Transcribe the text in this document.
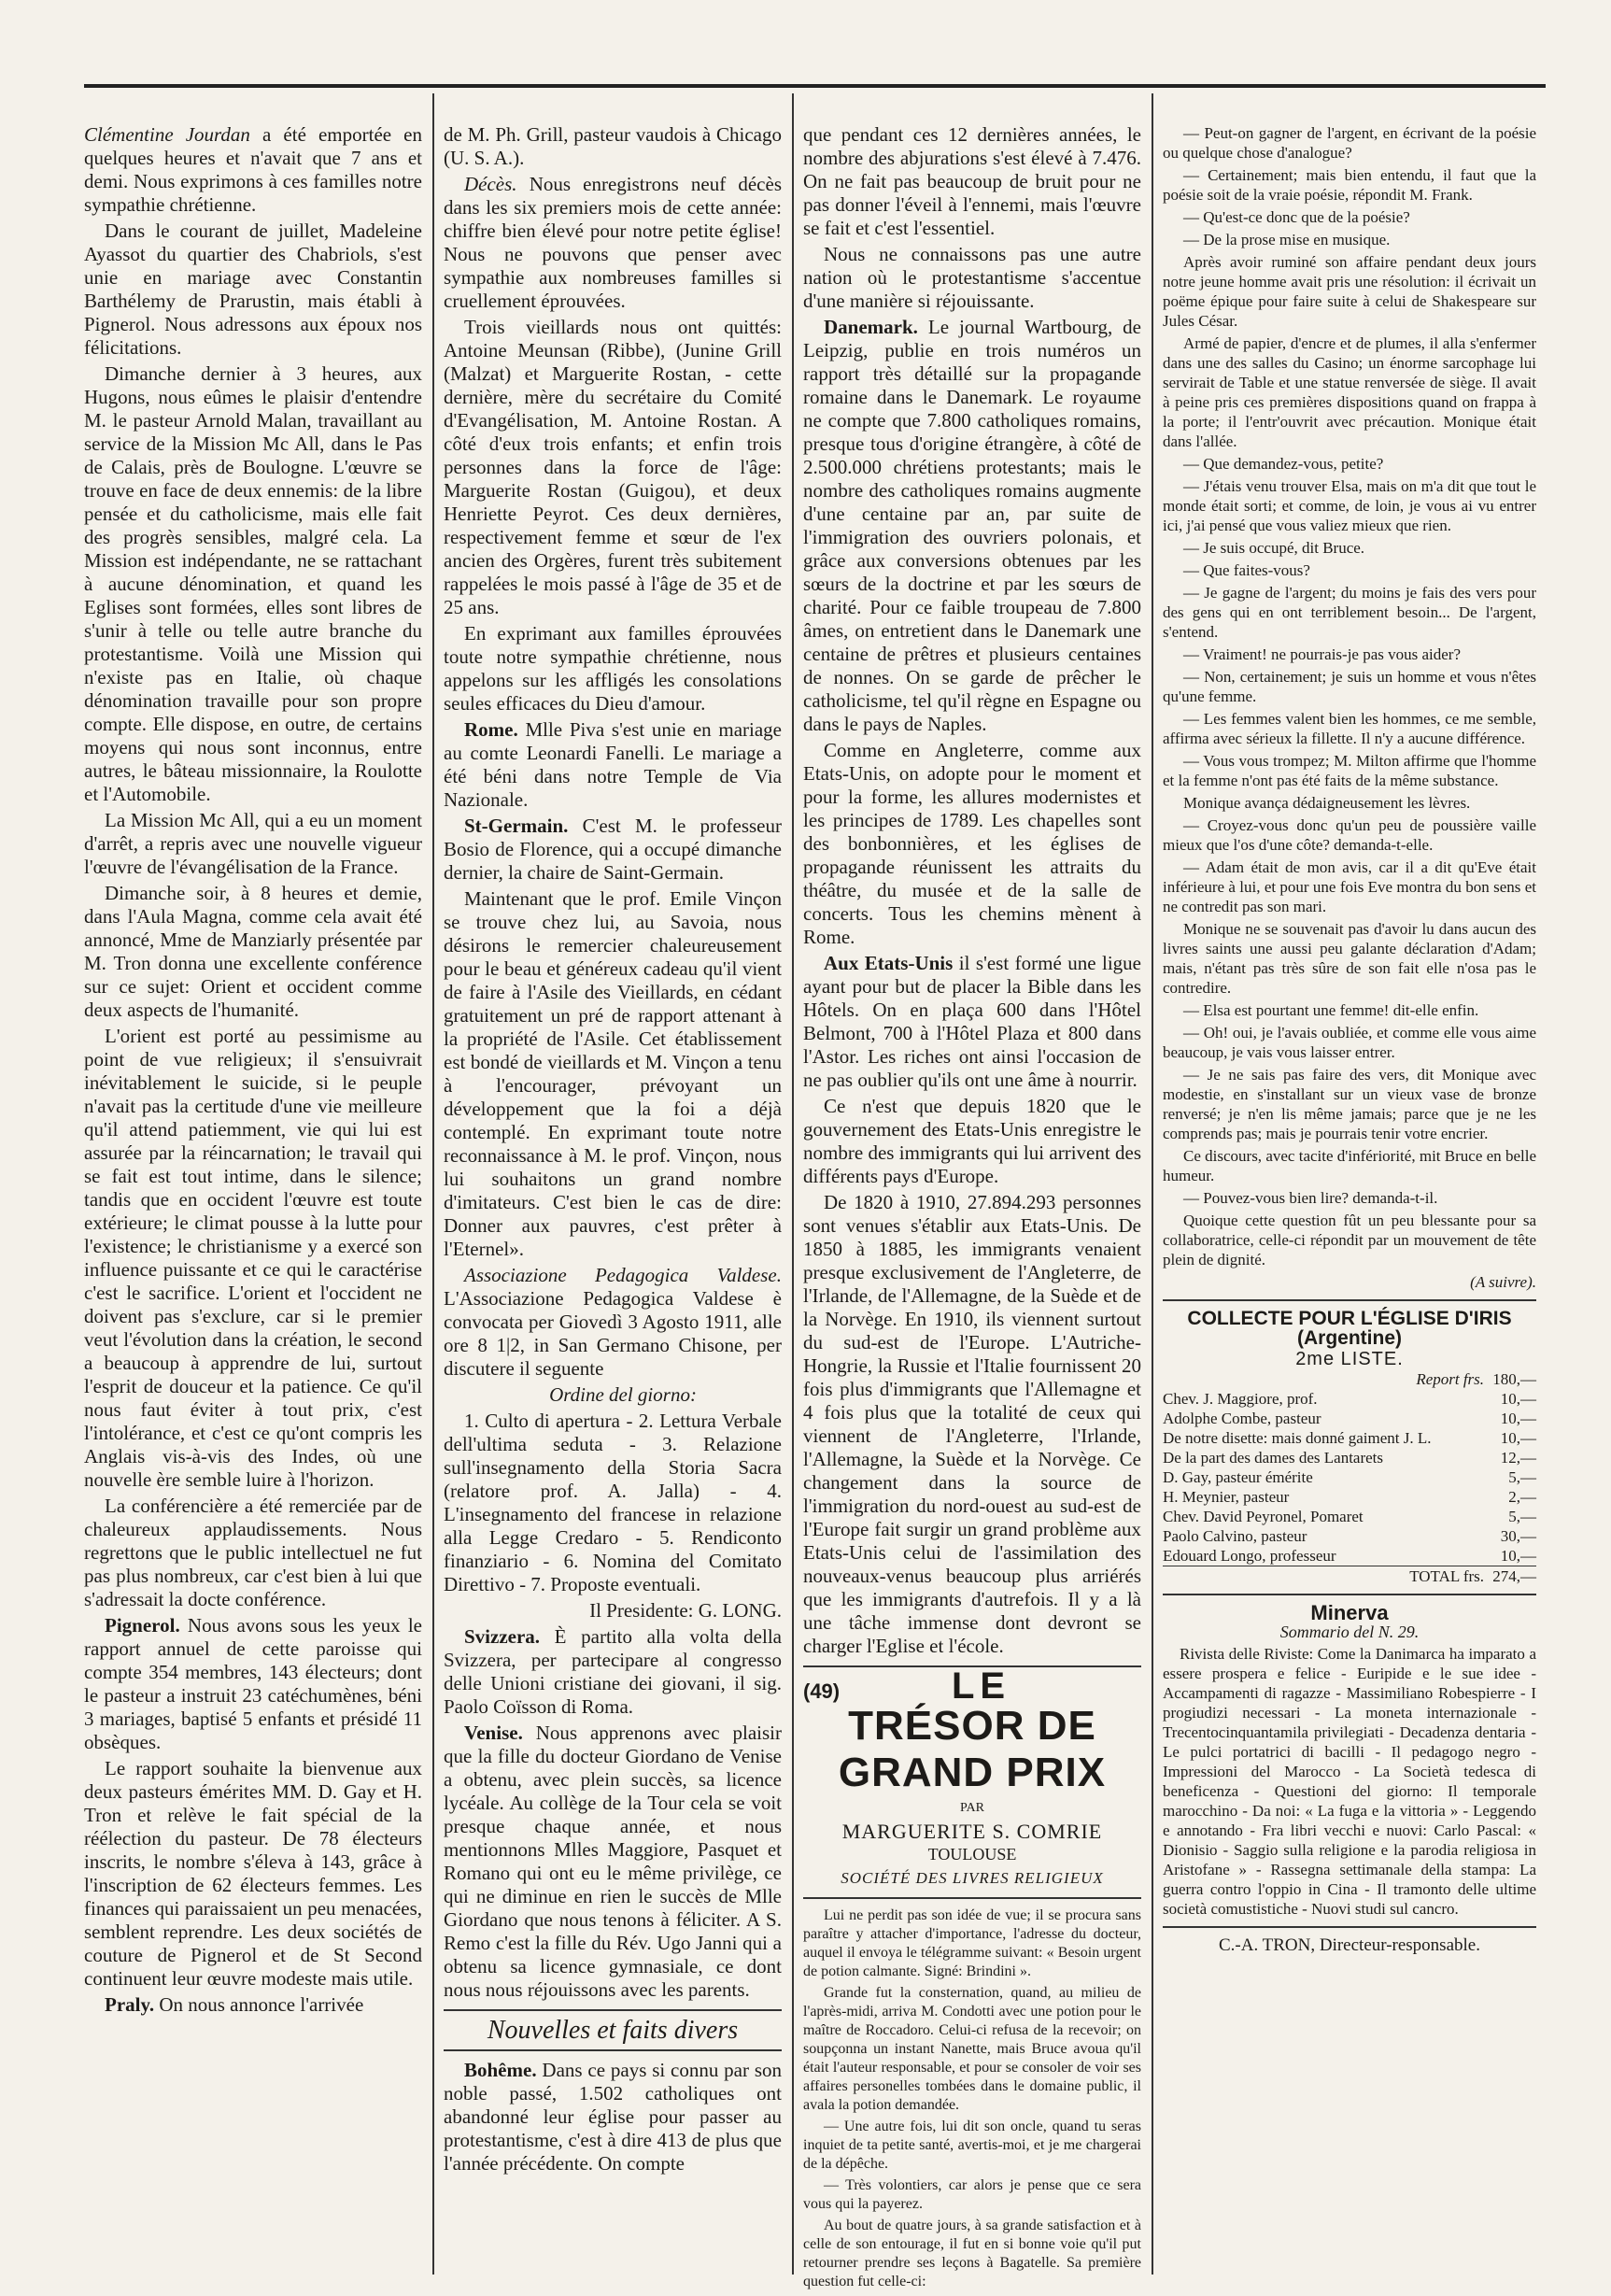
Clémentine Jourdan a été emportée en quelques heures et n'avait que 7 ans et demi. Nous exprimons à ces familles notre sympathie chrétienne.

Dans le courant de juillet, Madeleine Ayassot du quartier des Chabriols, s'est unie en mariage avec Constantin Barthélemy de Prarustin, mais établi à Pignerol. Nous adressons aux époux nos félicitations.

Dimanche dernier à 3 heures, aux Hugons, nous eûmes le plaisir d'entendre M. le pasteur Arnold Malan, travaillant au service de la Mission Mc All, dans le Pas de Calais, près de Boulogne. L'œuvre se trouve en face de deux ennemis: de la libre pensée et du catholicisme, mais elle fait des progrès sensibles, malgré cela. La Mission est indépendante, ne se rattachant à aucune dénomination, et quand les Eglises sont formées, elles sont libres de s'unir à telle ou telle autre branche du protestantisme. Voilà une Mission qui n'existe pas en Italie, où chaque dénomination travaille pour son propre compte. Elle dispose, en outre, de certains moyens qui nous sont inconnus, entre autres, le bâteau missionnaire, la Roulotte et l'Automobile.

La Mission Mc All, qui a eu un moment d'arrêt, a repris avec une nouvelle vigueur l'œuvre de l'évangélisation de la France.

Dimanche soir, à 8 heures et demie, dans l'Aula Magna, comme cela avait été annoncé, Mme de Manziarly présentée par M. Tron donna une excellente conférence sur ce sujet: Orient et occident comme deux aspects de l'humanité.

L'orient est porté au pessimisme au point de vue religieux; il s'ensuivrait inévitablement le suicide, si le peuple n'avait pas la certitude d'une vie meilleure qu'il attend patiemment, vie qui lui est assurée par la réincarnation; le travail qui se fait est tout intime, dans le silence; tandis que en occident l'œuvre est toute extérieure; le climat pousse à la lutte pour l'existence; le christianisme y a exercé son influence puissante et ce qui le caractérise c'est le sacrifice. L'orient et l'occident ne doivent pas s'exclure, car si le premier veut l'évolution dans la création, le second a beaucoup à apprendre de lui, surtout l'esprit de douceur et la patience. Ce qu'il nous faut éviter à tout prix, c'est l'intolérance, et c'est ce qu'ont compris les Anglais vis-à-vis des Indes, où une nouvelle ère semble luire à l'horizon.

La conférencière a été remerciée par de chaleureux applaudissements. Nous regrettons que le public intellectuel ne fut pas plus nombreux, car c'est bien à lui que s'adressait la docte conférence.

Pignerol. Nous avons sous les yeux le rapport annuel de cette paroisse qui compte 354 membres, 143 électeurs; dont le pasteur a instruit 23 catéchumènes, béni 3 mariages, baptisé 5 enfants et présidé 11 obsèques.

Le rapport souhaite la bienvenue aux deux pasteurs émérites MM. D. Gay et H. Tron et relève le fait spécial de la réélection du pasteur. De 78 électeurs inscrits, le nombre s'éleva à 143, grâce à l'inscription de 62 électeurs femmes. Les finances qui paraissaient un peu menacées, semblent reprendre. Les deux sociétés de couture de Pignerol et de St Second continuent leur œuvre modeste mais utile.

Praly. On nous annonce l'arrivée

de M. Ph. Grill, pasteur vaudois à Chicago (U. S. A.).

Décès. Nous enregistrons neuf décès dans les six premiers mois de cette année: chiffre bien élevé pour notre petite église! Nous ne pouvons que penser avec sympathie aux nombreuses familles si cruellement éprouvées.

Trois vieillards nous ont quittés: Antoine Meunsan (Ribbe), (Junine Grill (Malzat) et Marguerite Rostan, - cette dernière, mère du secrétaire du Comité d'Evangélisation, M. Antoine Rostan. A côté d'eux trois enfants; et enfin trois personnes dans la force de l'âge: Marguerite Rostan (Guigou), et deux Henriette Peyrot. Ces deux dernières, respectivement femme et sœur de l'ex ancien des Orgères, furent très subitement rappelées le mois passé à l'âge de 35 et de 25 ans.

En exprimant aux familles éprouvées toute notre sympathie chrétienne, nous appelons sur les affligés les consolations seules efficaces du Dieu d'amour.

Rome. Mlle Piva s'est unie en mariage au comte Leonardi Fanelli. Le mariage a été béni dans notre Temple de Via Nazionale.

St-Germain. C'est M. le professeur Bosio de Florence, qui a occupé dimanche dernier, la chaire de Saint-Germain.

Maintenant que le prof. Emile Vinçon se trouve chez lui, au Savoia, nous désirons le remercier chaleureusement pour le beau et généreux cadeau qu'il vient de faire à l'Asile des Vieillards, en cédant gratuitement un pré de rapport attenant à la propriété de l'Asile. Cet établissement est bondé de vieillards et M. Vinçon a tenu à l'encourager, prévoyant un développement que la foi a déjà contemplé. En exprimant toute notre reconnaissance à M. le prof. Vinçon, nous lui souhaitons un grand nombre d'imitateurs. C'est bien le cas de dire: Donner aux pauvres, c'est prêter à l'Eternel».

Associazione Pedagogica Valdese. L'Associazione Pedagogica Valdese è convocata per Giovedì 3 Agosto 1911, alle ore 8 1|2, in San Germano Chisone, per discutere il seguente

Ordine del giorno:

1. Culto di apertura - 2. Lettura Verbale dell'ultima seduta - 3. Relazione sull'insegnamento della Storia Sacra (relatore prof. A. Jalla) - 4. L'insegnamento del francese in relazione alla Legge Credaro - 5. Rendiconto finanziario - 6. Nomina del Comitato Direttivo - 7. Proposte eventuali.

Il Presidente: G. LONG.

Svizzera. È partito alla volta della Svizzera, per partecipare al congresso delle Unioni cristiane dei giovani, il sig. Paolo Coïsson di Roma.

Venise. Nous apprenons avec plaisir que la fille du docteur Giordano de Venise a obtenu, avec plein succès, sa licence lycéale. Au collège de la Tour cela se voit presque chaque année, et nous mentionnons Mlles Maggiore, Pasquet et Romano qui ont eu le même privilège, ce qui ne diminue en rien le succès de Mlle Giordano que nous tenons à féliciter. A S. Remo c'est la fille du Rév. Ugo Janni qui a obtenu sa licence gymnasiale, ce dont nous nous réjouissons avec les parents.

Nouvelles et faits divers

Bohême. Dans ce pays si connu par son noble passé, 1.502 catholiques ont abandonné leur église pour passer au protestantisme, c'est à dire 413 de plus que l'année précédente. On compte

que pendant ces 12 dernières années, le nombre des abjurations s'est élevé à 7.476. On ne fait pas beaucoup de bruit pour ne pas donner l'éveil à l'ennemi, mais l'œuvre se fait et c'est l'essentiel.

Nous ne connaissons pas une autre nation où le protestantisme s'accentue d'une manière si réjouissante.

Danemark. Le journal Wartbourg, de Leipzig, publie en trois numéros un rapport très détaillé sur la propagande romaine dans le Danemark. Le royaume ne compte que 7.800 catholiques romains, presque tous d'origine étrangère, à côté de 2.500.000 chrétiens protestants; mais le nombre des catholiques romains augmente d'une centaine par an, par suite de l'immigration des ouvriers polonais, et grâce aux conversions obtenues par les sœurs de la doctrine et par les sœurs de charité. Pour ce faible troupeau de 7.800 âmes, on entretient dans le Danemark une centaine de prêtres et plusieurs centaines de nonnes. On se garde de prêcher le catholicisme, tel qu'il règne en Espagne ou dans le pays de Naples.

Comme en Angleterre, comme aux Etats-Unis, on adopte pour le moment et pour la forme, les allures modernistes et les principes de 1789. Les chapelles sont des bonbonnières, et les églises de propagande réunissent les attraits du théâtre, du musée et de la salle de concerts. Tous les chemins mènent à Rome.

Aux Etats-Unis il s'est formé une ligue ayant pour but de placer la Bible dans les Hôtels. On en plaça 600 dans l'Hôtel Belmont, 700 à l'Hôtel Plaza et 800 dans l'Astor. Les riches ont ainsi l'occasion de ne pas oublier qu'ils ont une âme à nourrir.

Ce n'est que depuis 1820 que le gouvernement des Etats-Unis enregistre le nombre des immigrants qui lui arrivent des différents pays d'Europe.

De 1820 à 1910, 27.894.293 personnes sont venues s'établir aux Etats-Unis. De 1850 à 1885, les immigrants venaient presque exclusivement de l'Angleterre, de l'Irlande, de l'Allemagne, de la Suède et de la Norvège. En 1910, ils viennent surtout du sud-est de l'Europe. L'Autriche-Hongrie, la Russie et l'Italie fournissent 20 fois plus d'immigrants que l'Allemagne et 4 fois plus que la totalité de ceux qui viennent de l'Angleterre, l'Irlande, l'Allemagne, la Suède et la Norvège. Ce changement dans la source de l'immigration du nord-ouest au sud-est de l'Europe fait surgir un grand problème aux Etats-Unis celui de l'assimilation des nouveaux-venus beaucoup plus arriérés que les immigrants d'autrefois. Il y a là une tâche immense dont devront se charger l'Eglise et l'école.

(49)	LE
TRÉSOR DE GRAND PRIX
PAR
MARGUERITE S. COMRIE
TOULOUSE
SOCIÉTÉ DES LIVRES RELIGIEUX

Lui ne perdit pas son idée de vue; il se procura sans paraître y attacher d'importance, l'adresse du docteur, auquel il envoya le télégramme suivant: « Besoin urgent de potion calmante. Signé: Brindini ».

Grande fut la consternation, quand, au milieu de l'après-midi, arriva M. Condotti avec une potion pour le maître de Roccadoro. Celui-ci refusa de la recevoir; on soupçonna un instant Nanette, mais Bruce avoua qu'il était l'auteur responsable, et pour se consoler de voir ses affaires personelles tombées dans le domaine public, il avala la potion demandée.

— Une autre fois, lui dit son oncle, quand tu seras inquiet de ta petite santé, avertis-moi, et je me chargerai de la dépêche.

— Très volontiers, car alors je pense que ce sera vous qui la payerez.

Au bout de quatre jours, à sa grande satisfaction et à celle de son entourage, il fut en si bonne voie qu'il put retourner prendre ses leçons à Bagatelle. Sa première question fut celle-ci:

— Peut-on gagner de l'argent, en écrivant de la poésie ou quelque chose d'analogue?

— Certainement; mais bien entendu, il faut que la poésie soit de la vraie poésie, répondit M. Frank.

— Qu'est-ce donc que de la poésie?

— De la prose mise en musique.

Après avoir ruminé son affaire pendant deux jours notre jeune homme avait pris une résolution: il écrivait un poëme épique pour faire suite à celui de Shakespeare sur Jules César.

Armé de papier, d'encre et de plumes, il alla s'enfermer dans une des salles du Casino; un énorme sarcophage lui servirait de Table et une statue renversée de siège. Il avait à peine pris ces premières dispositions quand on frappa à la porte; il l'entr'ouvrit avec précaution. Monique était dans l'allée.

— Que demandez-vous, petite?

— J'étais venu trouver Elsa, mais on m'a dit que tout le monde était sorti; et comme, de loin, je vous ai vu entrer ici, j'ai pensé que vous valiez mieux que rien.

— Je suis occupé, dit Bruce.

— Que faites-vous?

— Je gagne de l'argent; du moins je fais des vers pour des gens qui en ont terriblement besoin... De l'argent, s'entend.

— Vraiment! ne pourrais-je pas vous aider?

— Non, certainement; je suis un homme et vous n'êtes qu'une femme.

— Les femmes valent bien les hommes, ce me semble, affirma avec sérieux la fillette. Il n'y a aucune différence.

— Vous vous trompez; M. Milton affirme que l'homme et la femme n'ont pas été faits de la même substance.

Monique avança dédaigneusement les lèvres.

— Croyez-vous donc qu'un peu de poussière vaille mieux que l'os d'une côte? demanda-t-elle.

— Adam était de mon avis, car il a dit qu'Eve était inférieure à lui, et pour une fois Eve montra du bon sens et ne contredit pas son mari.

Monique ne se souvenait pas d'avoir lu dans aucun des livres saints une aussi peu galante déclaration d'Adam; mais, n'étant pas très sûre de son fait elle n'osa pas le contredire.

— Elsa est pourtant une femme! dit-elle enfin.

— Oh! oui, je l'avais oubliée, et comme elle vous aime beaucoup, je vais vous laisser entrer.

— Je ne sais pas faire des vers, dit Monique avec modestie, en s'installant sur un vieux vase de bronze renversé; je n'en lis même jamais; parce que je ne les comprends pas; mais je pourrais tenir votre encrier.

Ce discours, avec tacite d'infériorité, mit Bruce en belle humeur.

— Pouvez-vous bien lire? demanda-t-il.

Quoique cette question fût un peu blessante pour sa collaboratrice, celle-ci répondit par un mouvement de tête plein de dignité.

(A suivre).

COLLECTE POUR L'ÉGLISE D'IRIS (Argentine)
2me LISTE.
Report frs.	180,—
Chev. J. Maggiore, prof.	10,—
Adolphe Combe, pasteur	10,—
De notre disette: mais donné gaiment J. L.	10,—
De la part des dames des Lantarets	12,—
D. Gay, pasteur émérite	5,—
H. Meynier, pasteur	2,—
Chev. David Peyronel, Pomaret	5,—
Paolo Calvino, pasteur	30,—
Edouard Longo, professeur	10,—
TOTAL frs.	274,—
Minerva
Sommario del N. 29.

Rivista delle Riviste: Come la Danimarca ha imparato a essere prospera e felice - Euripide e le sue idee - Accampamenti di ragazze - Massimiliano Robespierre - I progiudizi necessari - La moneta internazionale - Trecentocinquantamila privilegiati - Decadenza dentaria - Le pulci portatrici di bacilli - Il pedagogo negro - Impressioni del Marocco - La Società tedesca di beneficenza - Questioni del giorno: Il temporale marocchino - Da noi: « La fuga e la vittoria » - Leggendo e annotando - Fra libri vecchi e nuovi: Carlo Pascal: « Dionisio - Saggio sulla religione e la parodia religiosa in Aristofane » - Rassegna settimanale della stampa: La guerra contro l'oppio in Cina - Il tramonto delle ultime società comustistiche - Nuovi studi sul cancro.

C.-A. TRON, Directeur-responsable.
